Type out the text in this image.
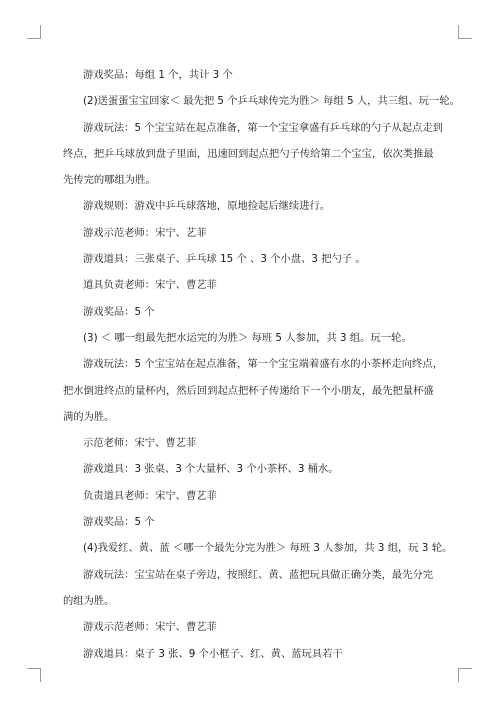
游戏奖品：每组 1 个，共计 3 个

(2)送蛋蛋宝宝回家＜ 最先把 5 个乒乓球传完为胜＞ 每组 5 人，共三组、玩一轮。

游戏玩法：5 个宝宝站在起点准备，第一个宝宝拿盛有乒乓球的勺子从起点走到终点，把乒乓球放到盘子里面，迅速回到起点把勺子传给第二个宝宝，依次类推最先传完的哪组为胜。

游戏规则：游戏中乒乓球落地，原地捡起后继续进行。

游戏示范老师：宋宁、艺菲

游戏道具：三张桌子、乒乓球 15 个 、3 个小盘、3 把勺子 。

道具负责老师：宋宁、曹艺菲

游戏奖品：5 个

(3) ＜ 哪一组最先把水运完的为胜＞ 每班 5 人参加，共 3 组。玩一轮。

游戏玩法：5 个宝宝站在起点准备，第一个宝宝端着盛有水的小茶杯走向终点，把水倒进终点的量杯内，然后回到起点把杯子传递给下一个小朋友，最先把量杯盛满的为胜。

示范老师：宋宁、曹艺菲

游戏道具：3 张桌、3 个大量杯、3 个小茶杯、3 桶水。

负责道具老师：宋宁、曹艺菲

游戏奖品：5 个

(4)我爱红、黄、蓝 ＜哪一个最先分完为胜＞ 每班 3 人参加，共 3 组，玩 3 轮。

游戏玩法：宝宝站在桌子旁边，按照红、黄、蓝把玩具做正确分类，最先分完的组为胜。

游戏示范老师：宋宁、曹艺菲

游戏道具：桌子 3 张、9 个小框子、红、黄、蓝玩具若干
